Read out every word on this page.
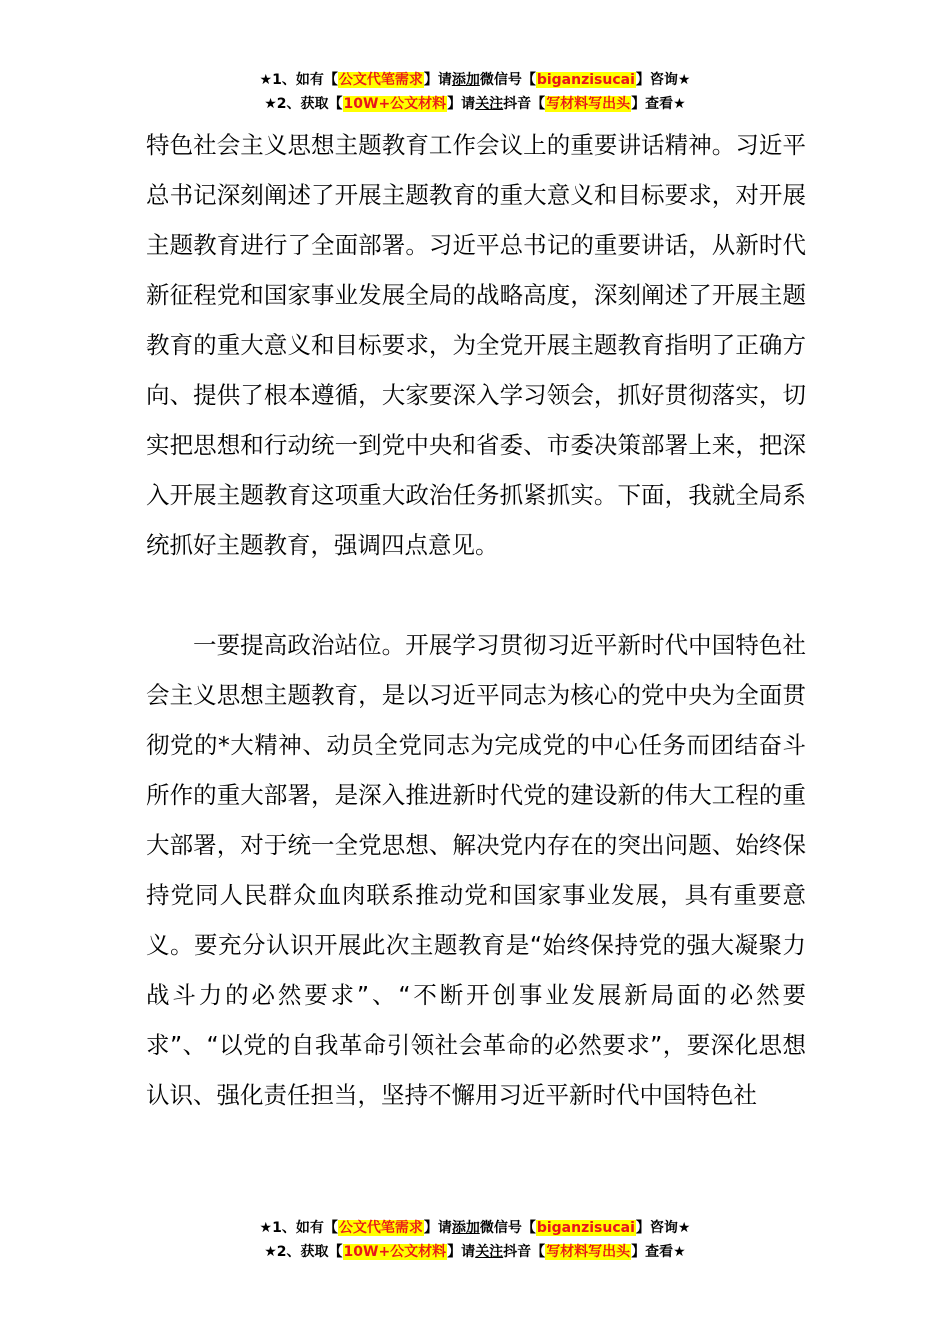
★1、如有【公文代笔需求】请添加微信号【biganzisucai】咨询★
★2、获取【10W+公文材料】请关注抖音【写材料写出头】查看★

特色社会主义思想主题教育工作会议上的重要讲话精神。习近平总书记深刻阐述了开展主题教育的重大意义和目标要求，对开展主题教育进行了全面部署。习近平总书记的重要讲话，从新时代新征程党和国家事业发展全局的战略高度，深刻阐述了开展主题教育的重大意义和目标要求，为全党开展主题教育指明了正确方向、提供了根本遵循，大家要深入学习领会，抓好贯彻落实，切实把思想和行动统一到党中央和省委、市委决策部署上来，把深入开展主题教育这项重大政治任务抓紧抓实。下面，我就全局系统抓好主题教育，强调四点意见。

一要提高政治站位。开展学习贯彻习近平新时代中国特色社会主义思想主题教育，是以习近平同志为核心的党中央为全面贯彻党的*大精神、动员全党同志为完成党的中心任务而团结奋斗所作的重大部署，是深入推进新时代党的建设新的伟大工程的重大部署，对于统一全党思想、解决党内存在的突出问题、始终保持党同人民群众血肉联系推动党和国家事业发展，具有重要意义。要充分认识开展此次主题教育是“始终保持党的强大凝聚力战斗力的必然要求”、“不断开创事业发展新局面的必然要求”、“以党的自我革命引领社会革命的必然要求”，要深化思想认识、强化责任担当，坚持不懈用习近平新时代中国特色社

★1、如有【公文代笔需求】请添加微信号【biganzisucai】咨询★
★2、获取【10W+公文材料】请关注抖音【写材料写出头】查看★
